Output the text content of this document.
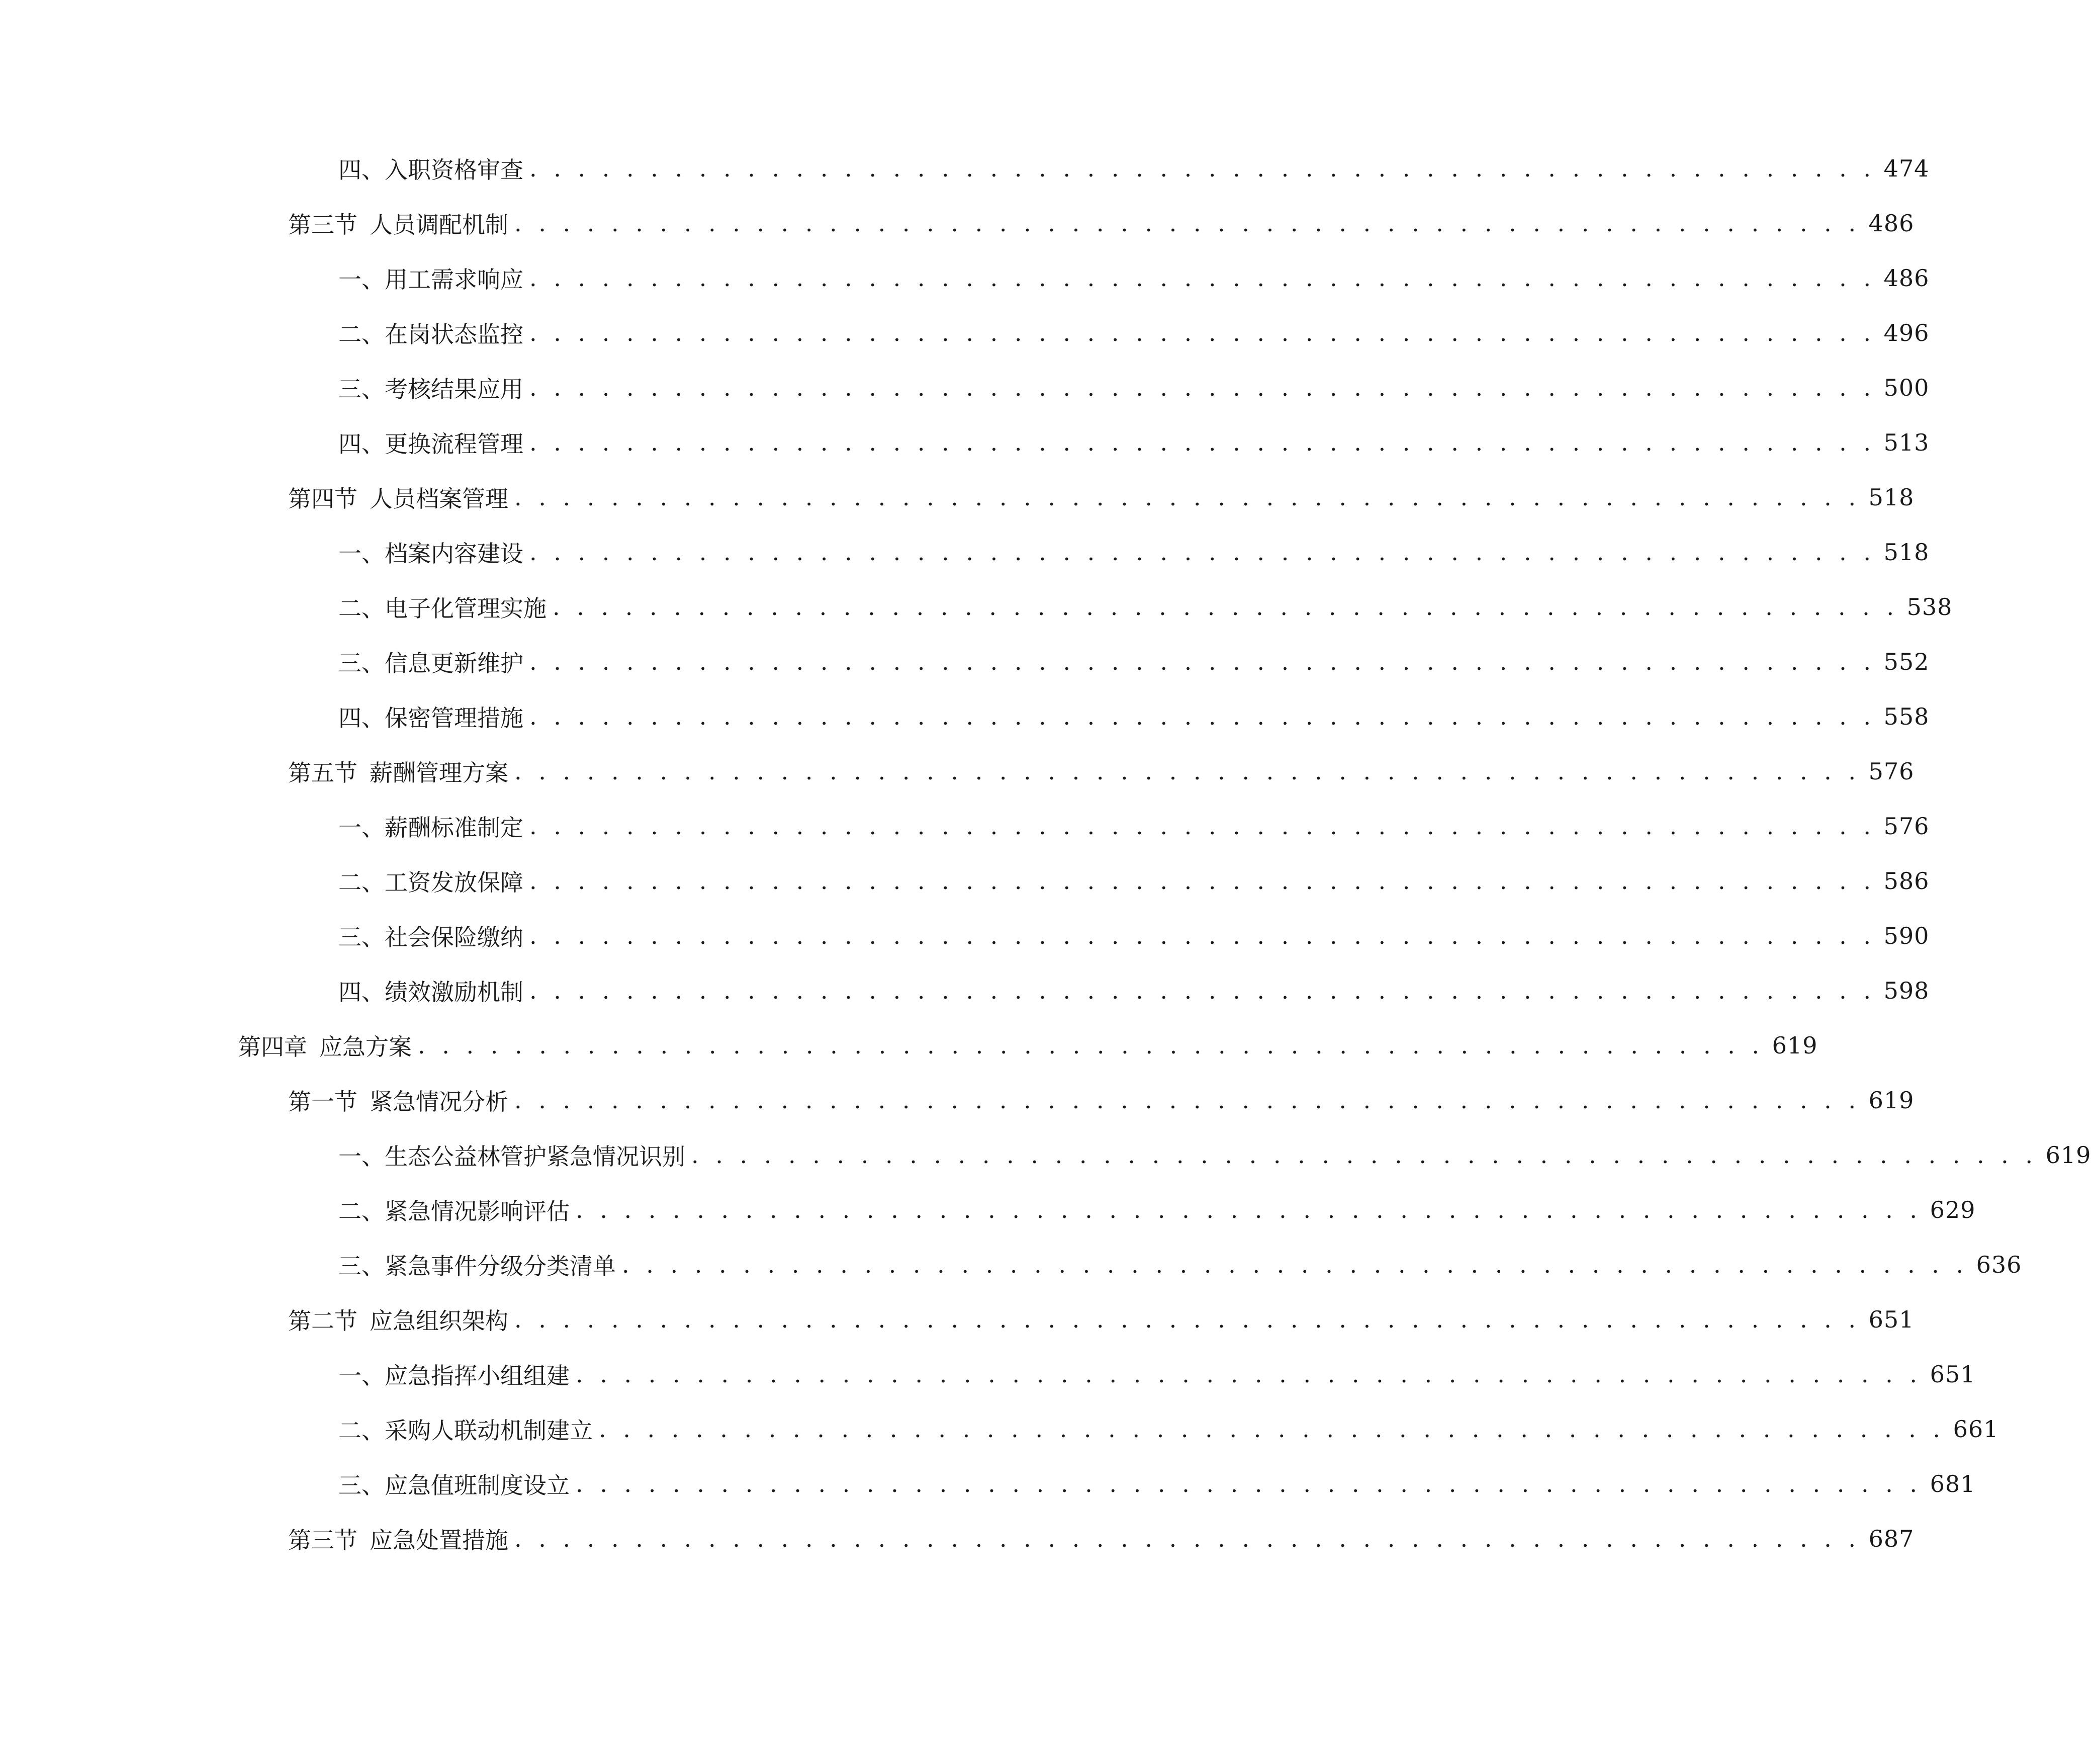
四、 入职资格审查 . . . . . . . . . . . . . . . . . . . . . . . . . . . . . . . . . . . . . . . . . . . . . . . . . . . . . . . . 474
第三节 人员调配机制 . . . . . . . . . . . . . . . . . . . . . . . . . . . . . . . . . . . . . . . . . . . . . . . . . . . . . . . . 486
一、 用工需求响应 . . . . . . . . . . . . . . . . . . . . . . . . . . . . . . . . . . . . . . . . . . . . . . . . . . . . . . . . 486
二、 在岗状态监控 . . . . . . . . . . . . . . . . . . . . . . . . . . . . . . . . . . . . . . . . . . . . . . . . . . . . . . . . 496
三、 考核结果应用 . . . . . . . . . . . . . . . . . . . . . . . . . . . . . . . . . . . . . . . . . . . . . . . . . . . . . . . . 500
四、 更换流程管理 . . . . . . . . . . . . . . . . . . . . . . . . . . . . . . . . . . . . . . . . . . . . . . . . . . . . . . . . 513
第四节 人员档案管理 . . . . . . . . . . . . . . . . . . . . . . . . . . . . . . . . . . . . . . . . . . . . . . . . . . . . . . . . 518
一、 档案内容建设 . . . . . . . . . . . . . . . . . . . . . . . . . . . . . . . . . . . . . . . . . . . . . . . . . . . . . . . . 518
二、 电子化管理实施 . . . . . . . . . . . . . . . . . . . . . . . . . . . . . . . . . . . . . . . . . . . . . . . . . . . . . . . . 538
三、 信息更新维护 . . . . . . . . . . . . . . . . . . . . . . . . . . . . . . . . . . . . . . . . . . . . . . . . . . . . . . . . 552
四、 保密管理措施 . . . . . . . . . . . . . . . . . . . . . . . . . . . . . . . . . . . . . . . . . . . . . . . . . . . . . . . . 558
第五节 薪酬管理方案 . . . . . . . . . . . . . . . . . . . . . . . . . . . . . . . . . . . . . . . . . . . . . . . . . . . . . . . . 576
一、 薪酬标准制定 . . . . . . . . . . . . . . . . . . . . . . . . . . . . . . . . . . . . . . . . . . . . . . . . . . . . . . . . 576
二、 工资发放保障 . . . . . . . . . . . . . . . . . . . . . . . . . . . . . . . . . . . . . . . . . . . . . . . . . . . . . . . . 586
三、 社会保险缴纳 . . . . . . . . . . . . . . . . . . . . . . . . . . . . . . . . . . . . . . . . . . . . . . . . . . . . . . . . 590
四、 绩效激励机制 . . . . . . . . . . . . . . . . . . . . . . . . . . . . . . . . . . . . . . . . . . . . . . . . . . . . . . . . 598
第四章 应急方案 . . . . . . . . . . . . . . . . . . . . . . . . . . . . . . . . . . . . . . . . . . . . . . . . . . . . . . . . 619
第一节 紧急情况分析 . . . . . . . . . . . . . . . . . . . . . . . . . . . . . . . . . . . . . . . . . . . . . . . . . . . . . . . . 619
一、 生态公益林管护紧急情况识别 . . . . . . . . . . . . . . . . . . . . . . . . . . . . . . . . . . . . . . . . . . . . . . . . . . . . . . . . 619
二、 紧急情况影响评估 . . . . . . . . . . . . . . . . . . . . . . . . . . . . . . . . . . . . . . . . . . . . . . . . . . . . . . . . 629
三、 紧急事件分级分类清单 . . . . . . . . . . . . . . . . . . . . . . . . . . . . . . . . . . . . . . . . . . . . . . . . . . . . . . . . 636
第二节 应急组织架构 . . . . . . . . . . . . . . . . . . . . . . . . . . . . . . . . . . . . . . . . . . . . . . . . . . . . . . . . 651
一、 应急指挥小组组建 . . . . . . . . . . . . . . . . . . . . . . . . . . . . . . . . . . . . . . . . . . . . . . . . . . . . . . . . 651
二、 采购人联动机制建立 . . . . . . . . . . . . . . . . . . . . . . . . . . . . . . . . . . . . . . . . . . . . . . . . . . . . . . . . 661
三、 应急值班制度设立 . . . . . . . . . . . . . . . . . . . . . . . . . . . . . . . . . . . . . . . . . . . . . . . . . . . . . . . . 681
第三节 应急处置措施 . . . . . . . . . . . . . . . . . . . . . . . . . . . . . . . . . . . . . . . . . . . . . . . . . . . . . . . . 687
